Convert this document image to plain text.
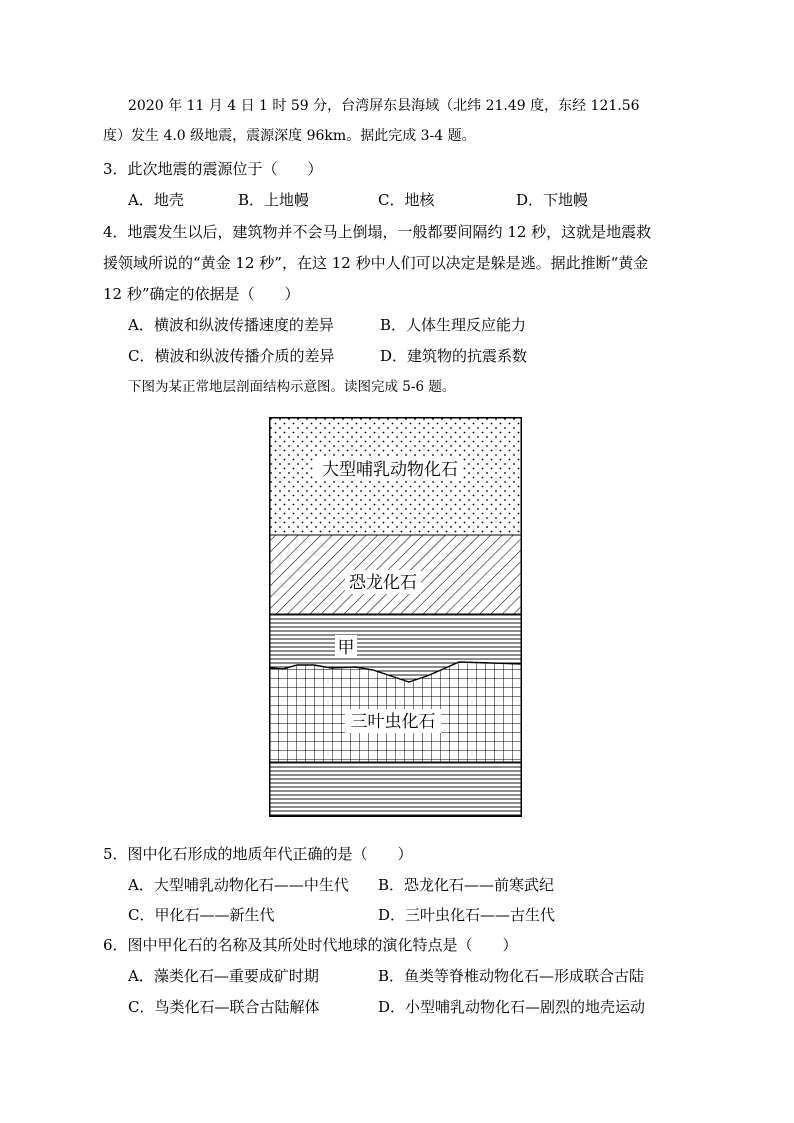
2020 年 11 月 4 日 1 时 59 分，台湾屏东县海域（北纬 21.49 度，东经 121.56
度）发生 4.0 级地震，震源深度 96km。据此完成 3-4 题。
3．此次地震的震源位于（　　）
A．地壳	B．上地幔	C．地核	D．下地幔
4．地震发生以后，建筑物并不会马上倒塌，一般都要间隔约 12 秒，这就是地震救
援领域所说的“黄金 12 秒”，在这 12 秒中人们可以决定是躲是逃。据此推断“黄金
12 秒”确定的依据是（　　）
A．横波和纵波传播速度的差异	B．人体生理反应能力
C．横波和纵波传播介质的差异	D．建筑物的抗震系数
下图为某正常地层剖面结构示意图。读图完成 5-6 题。
大型哺乳动物化石
恐龙化石
甲
三叶虫化石
5．图中化石形成的地质年代正确的是（　　）
A．大型哺乳动物化石——中生代 B．恐龙化石——前寒武纪
C．甲化石——新生代	D．三叶虫化石——古生代
6．图中甲化石的名称及其所处时代地球的演化特点是（　　）
A．藻类化石—重要成矿时期	B．鱼类等脊椎动物化石—形成联合古陆
C．鸟类化石—联合古陆解体	D．小型哺乳动物化石—剧烈的地壳运动
